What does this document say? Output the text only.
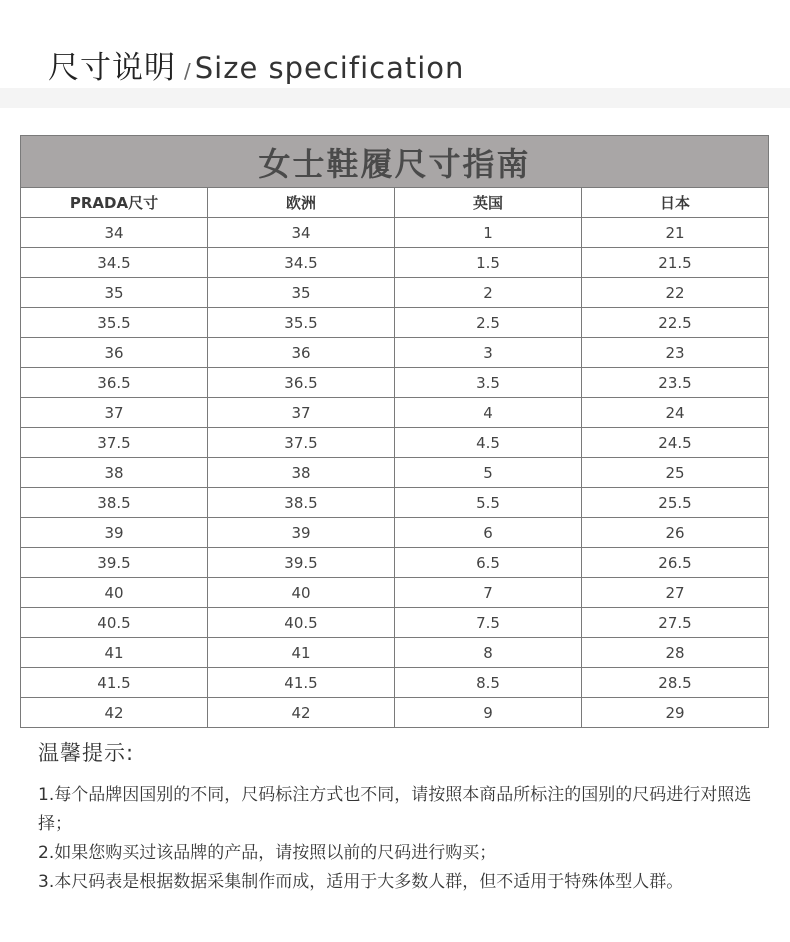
尺寸说明 / Size specification
女士鞋履尺寸指南			
PRADA尺寸	欧洲	英国	日本
34	34	1	21
34.5	34.5	1.5	21.5
35	35	2	22
35.5	35.5	2.5	22.5
36	36	3	23
36.5	36.5	3.5	23.5
37	37	4	24
37.5	37.5	4.5	24.5
38	38	5	25
38.5	38.5	5.5	25.5
39	39	6	26
39.5	39.5	6.5	26.5
40	40	7	27
40.5	40.5	7.5	27.5
41	41	8	28
41.5	41.5	8.5	28.5
42	42	9	29
温馨提示:
1.每个品牌因国别的不同，尺码标注方式也不同，请按照本商品所标注的国别的尺码进行对照选择；
2.如果您购买过该品牌的产品，请按照以前的尺码进行购买；
3.本尺码表是根据数据采集制作而成，适用于大多数人群，但不适用于特殊体型人群。
